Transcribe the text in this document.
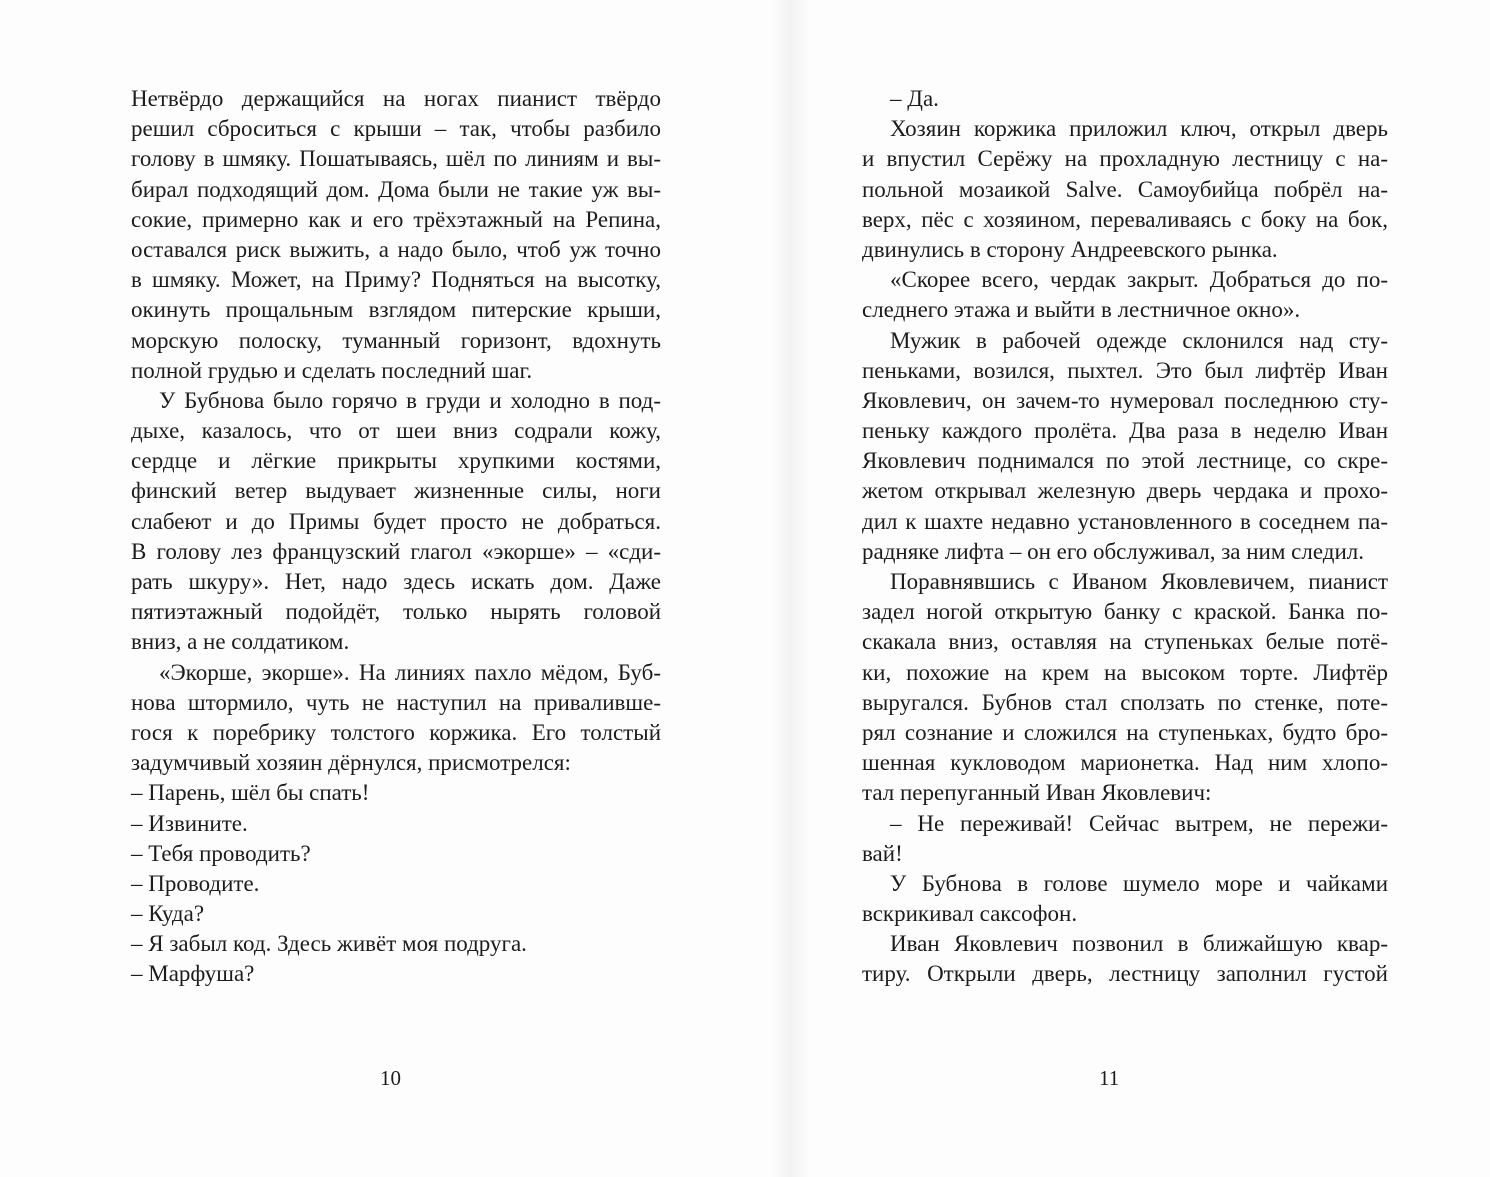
Нетвёрдо держащийся на ногах пианист твёрдо
решил сброситься с крыши – так, чтобы разбило
голову в шмяку. Пошатываясь, шёл по линиям и вы-
бирал подходящий дом. Дома были не такие уж вы-
сокие, примерно как и его трёхэтажный на Репина,
оставался риск выжить, а надо было, чтоб уж точно
в шмяку. Может, на Приму? Подняться на высотку,
окинуть прощальным взглядом питерские крыши,
морскую полоску, туманный горизонт, вдохнуть
полной грудью и сделать последний шаг.
У Бубнова было горячо в груди и холодно в под-
дыхе, казалось, что от шеи вниз содрали кожу,
сердце и лёгкие прикрыты хрупкими костями,
финский ветер выдувает жизненные силы, ноги
слабеют и до Примы будет просто не добраться.
В голову лез французский глагол «экорше» – «сди-
рать шкуру». Нет, надо здесь искать дом. Даже
пятиэтажный подойдёт, только нырять головой
вниз, а не солдатиком.
«Экорше, экорше». На линиях пахло мёдом, Буб-
нова штормило, чуть не наступил на приваливше-
гося к поребрику толстого коржика. Его толстый
задумчивый хозяин дёрнулся, присмотрелся:
– Парень, шёл бы спать!
– Извините.
– Тебя проводить?
– Проводите.
– Куда?
– Я забыл код. Здесь живёт моя подруга.
– Марфуша?
– Да.
Хозяин коржика приложил ключ, открыл дверь
и впустил Серёжу на прохладную лестницу с на-
польной мозаикой Salve. Самоубийца побрёл на-
верх, пёс с хозяином, переваливаясь с боку на бок,
двинулись в сторону Андреевского рынка.
«Скорее всего, чердак закрыт. Добраться до по-
следнего этажа и выйти в лестничное окно».
Мужик в рабочей одежде склонился над сту-
пеньками, возился, пыхтел. Это был лифтёр Иван
Яковлевич, он зачем-то нумеровал последнюю сту-
пеньку каждого пролёта. Два раза в неделю Иван
Яковлевич поднимался по этой лестнице, со скре-
жетом открывал железную дверь чердака и прохо-
дил к шахте недавно установленного в соседнем па-
радняке лифта – он его обслуживал, за ним следил.
Поравнявшись с Иваном Яковлевичем, пианист
задел ногой открытую банку с краской. Банка по-
скакала вниз, оставляя на ступеньках белые потё-
ки, похожие на крем на высоком торте. Лифтёр
выругался. Бубнов стал сползать по стенке, поте-
рял сознание и сложился на ступеньках, будто бро-
шенная кукловодом марионетка. Над ним хлопо-
тал перепуганный Иван Яковлевич:
– Не переживай! Сейчас вытрем, не пережи-
вай!
У Бубнова в голове шумело море и чайками
вскрикивал саксофон.
Иван Яковлевич позвонил в ближайшую квар-
тиру. Открыли дверь, лестницу заполнил густой
10	11
